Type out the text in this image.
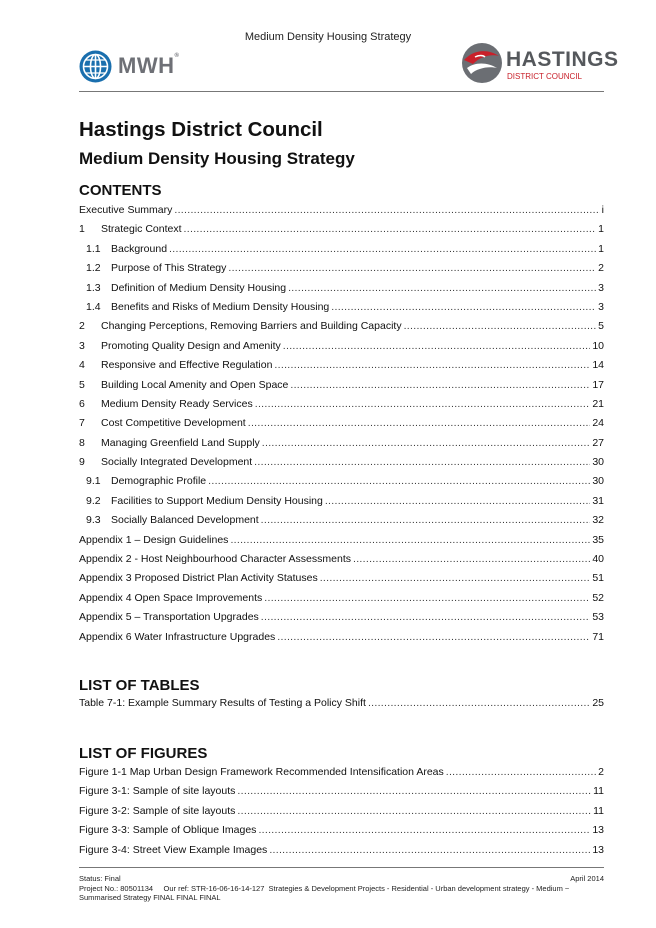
Medium Density Housing Strategy
MWH®	HASTINGS
DISTRICT COUNCIL
Hastings District Council
Medium Density Housing Strategy
CONTENTS
Executive Summary .....	i
1	Strategic Context .....	1
1.1 Background .....	1
1.2 Purpose of This Strategy .....	2
1.3 Definition of Medium Density Housing .....	3
1.4 Benefits and Risks of Medium Density Housing .....	3
2	Changing Perceptions, Removing Barriers and Building Capacity .....	5
3	Promoting Quality Design and Amenity .....	10
4	Responsive and Effective Regulation .....	14
5	Building Local Amenity and Open Space .....	17
6	Medium Density Ready Services .....	21
7	Cost Competitive Development .....	24
8	Managing Greenfield Land Supply .....	27
9	Socially Integrated Development .....	30
9.1 Demographic Profile .....	30
9.2 Facilities to Support Medium Density Housing .....	31
9.3 Socially Balanced Development .....	32
Appendix 1 – Design Guidelines .....	35
Appendix 2 - Host Neighbourhood Character Assessments .....	40
Appendix 3 Proposed District Plan Activity Statuses .....	51
Appendix 4 Open Space Improvements .....	52
Appendix 5 – Transportation Upgrades .....	53
Appendix 6 Water Infrastructure Upgrades .....	71
LIST OF TABLES
Table 7-1: Example Summary Results of Testing a Policy Shift .....	25
LIST OF FIGURES
Figure 1-1 Map Urban Design Framework Recommended Intensification Areas .....	2
Figure 3-1: Sample of site layouts .....	11
Figure 3-2: Sample of site layouts .....	11
Figure 3-3: Sample of Oblique Images .....	13
Figure 3-4: Street View Example Images .....	13
Status: Final	April 2014
Project No.: 80501134     Our ref: STR-16-06-16-14-127  Strategies & Development Projects - Residential - Urban development strategy - Medium ~
Summarised Strategy FINAL FINAL FINAL
